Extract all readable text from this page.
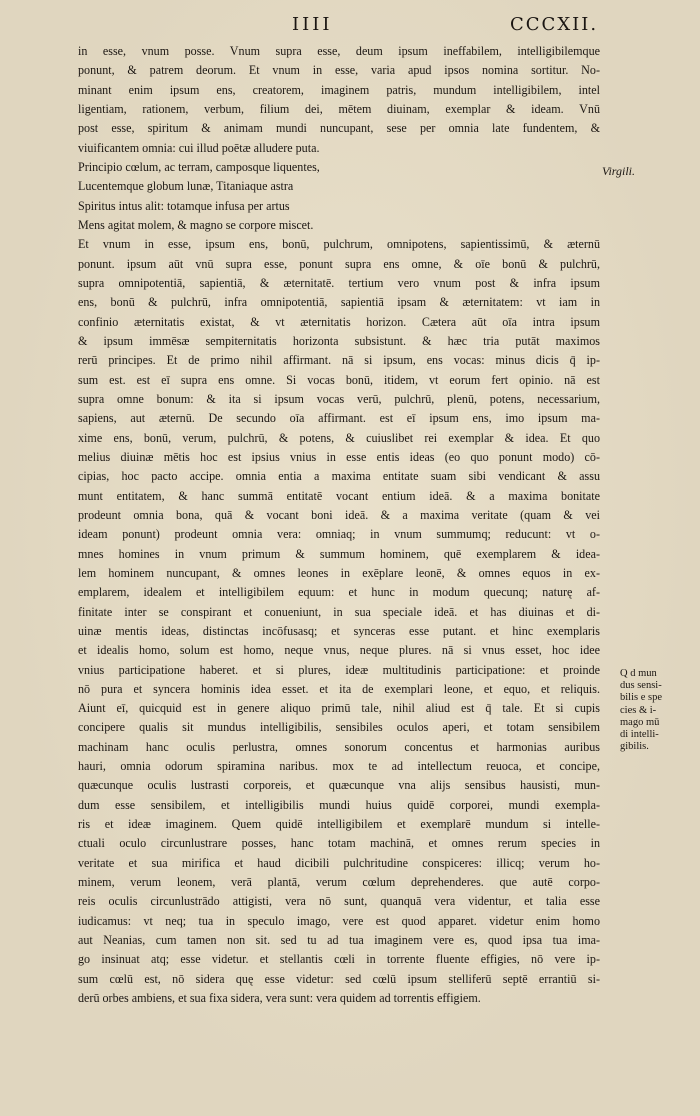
IIII	CCCXII.
in esse, vnum posse. Vnum supra esse, deum ipsum ineffabilem, intelligibilemque
ponunt, & patrem deorum. Et vnum in esse, varia apud ipsos nomina sortitur. No-
minant enim ipsum ens, creatorem, imaginem patris, mundum intelligibilem, intel
ligentiam, rationem, verbum, filium dei, mētem diuinam, exemplar & ideam. Vnū
post esse, spiritum & animam mundi nuncupant, sese per omnia late fundentem, &
viuificantem omnia: cui illud poētæ alludere puta.
Principio cœlum, ac terram, camposque liquentes,
Lucentemque globum lunæ, Titaniaque astra
Spiritus intus alit: totamque infusa per artus
Mens agitat molem, & magno se corpore miscet.
Et vnum in esse, ipsum ens, bonū, pulchrum, omnipotens, sapientissimū, & æternū
ponunt. ipsum aūt vnū supra esse, ponunt supra ens omne, & oīe bonū & pulchrū,
supra omnipotentiā, sapientiā, & æternitatē. tertium vero vnum post & infra ipsum
ens, bonū & pulchrū, infra omnipotentiā, sapientiā ipsam & æternitatem: vt iam in
confinio æternitatis existat, & vt æternitatis horizon. Cætera aūt oīa intra ipsum
& ipsum immēsæ sempiternitatis horizonta subsistunt. & hæc tria putāt maximos
rerū principes. Et de primo nihil affirmant. nā si ipsum, ens vocas: minus dicis q̄ ip-
sum est. est eī supra ens omne. Si vocas bonū, itidem, vt eorum fert opinio. nā est
supra omne bonum: & ita si ipsum vocas verū, pulchrū, plenū, potens, necessarium,
sapiens, aut æternū. De secundo oīa affirmant. est eī ipsum ens, imo ipsum ma-
xime ens, bonū, verum, pulchrū, & potens, & cuiuslibet rei exemplar & idea. Et quo
melius diuinæ mētis hoc est ipsius vnius in esse entis ideas (eo quo ponunt modo) cō-
cipias, hoc pacto accipe. omnia entia a maxima entitate suam sibi vendicant & assu
munt entitatem, & hanc summā entitatē vocant entium ideā. & a maxima bonitate
prodeunt omnia bona, quā & vocant boni ideā. & a maxima veritate (quam & vei
ideam ponunt) prodeunt omnia vera: omniaq; in vnum summumq; reducunt: vt o-
mnes homines in vnum primum & summum hominem, quē exemplarem & idea-
lem hominem nuncupant, & omnes leones in exēplare leonē, & omnes equos in ex-
emplarem, idealem et intelligibilem equum: et hunc in modum quecunq; naturę af-
finitate inter se conspirant et conueniunt, in sua speciale ideā. et has diuinas et di-
uinæ mentis ideas, distinctas incōfusasq; et synceras esse putant. et hinc exemplaris
et idealis homo, solum est homo, neque vnus, neque plures. nā si vnus esset, hoc idee
vnius participatione haberet. et si plures, ideæ multitudinis participatione: et proinde
nō pura et syncera hominis idea esset. et ita de exemplari leone, et equo, et reliquis.
Aiunt eī, quicquid est in genere aliquo primū tale, nihil aliud est q̄ tale. Et si cupis
concipere qualis sit mundus intelligibilis, sensibiles oculos aperi, et totam sensibilem
machinam hanc oculis perlustra, omnes sonorum concentus et harmonias auribus
hauri, omnia odorum spiramina naribus. mox te ad intellectum reuoca, et concipe,
quæcunque oculis lustrasti corporeis, et quæcunque vna alijs sensibus hausisti, mun-
dum esse sensibilem, et intelligibilis mundi huius quidē corporei, mundi exempla-
ris et ideæ imaginem. Quem quidē intelligibilem et exemplarē mundum si intelle-
ctuali oculo circunlustrare posses, hanc totam machinā, et omnes rerum species in
veritate et sua mirifica et haud dicibili pulchritudine conspiceres: illicq; verum ho-
minem, verum leonem, verā plantā, verum cœlum deprehenderes. que autē corpo-
reis oculis circunlustrādo attigisti, vera nō sunt, quanquā vera videntur, et talia esse
iudicamus: vt neq; tua in speculo imago, vere est quod apparet. videtur enim homo
aut Neanias, cum tamen non sit. sed tu ad tua imaginem vere es, quod ipsa tua ima-
go insinuat atq; esse videtur. et stellantis cœli in torrente fluente effigies, nō vere ip-
sum cœlū est, nō sidera quę esse videtur: sed cœlū ipsum stelliferū septē errantiū si-
derū orbes ambiens, et sua fixa sidera, vera sunt: vera quidem ad torrentis effigiem.
Virgili.
Q d mun
dus sensi-
bilis e spe
cies & i-
mago mū
di intelli-
gibilis.
